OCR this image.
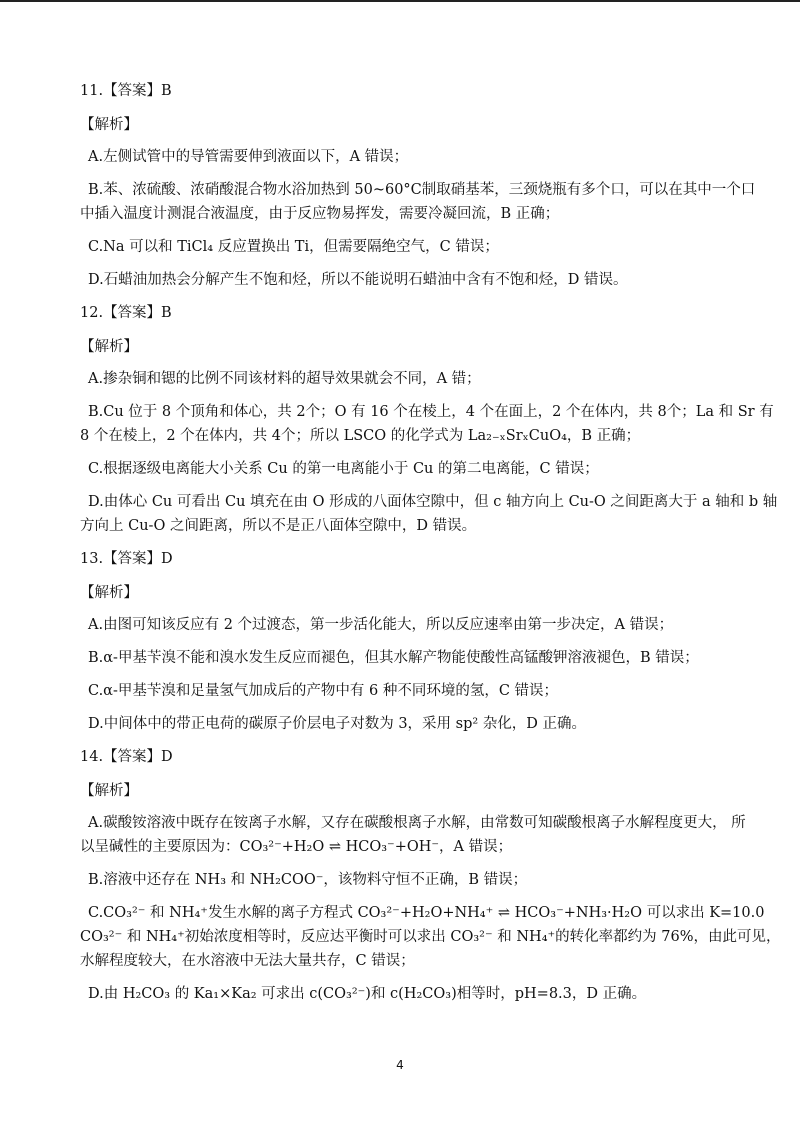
11.【答案】B

【解析】

A.左侧试管中的导管需要伸到液面以下，A 错误；

B.苯、浓硫酸、浓硝酸混合物水浴加热到 50~60°C制取硝基苯，三颈烧瓶有多个口，可以在其中一个口

中插入温度计测混合液温度，由于反应物易挥发，需要冷凝回流，B 正确；

C.Na 可以和 TiCl₄ 反应置换出 Ti，但需要隔绝空气，C 错误；

D.石蜡油加热会分解产生不饱和烃，所以不能说明石蜡油中含有不饱和烃，D 错误。

12.【答案】B

【解析】

A.掺杂铜和锶的比例不同该材料的超导效果就会不同，A 错；

B.Cu 位于 8 个顶角和体心，共 2个；O 有 16 个在棱上，4 个在面上，2 个在体内，共 8个；La 和 Sr 有

8 个在棱上，2 个在体内，共 4个；所以 LSCO 的化学式为 La₂₋ₓSrₓCuO₄，B 正确；

C.根据逐级电离能大小关系 Cu 的第一电离能小于 Cu 的第二电离能，C 错误；

D.由体心 Cu 可看出 Cu 填充在由 O 形成的八面体空隙中，但 c 轴方向上 Cu-O 之间距离大于 a 轴和 b 轴

方向上 Cu-O 之间距离，所以不是正八面体空隙中，D 错误。

13.【答案】D

【解析】

A.由图可知该反应有 2 个过渡态，第一步活化能大，所以反应速率由第一步决定，A 错误；

B.α-甲基苄溴不能和溴水发生反应而褪色，但其水解产物能使酸性高锰酸钾溶液褪色，B 错误；

C.α-甲基苄溴和足量氢气加成后的产物中有 6 种不同环境的氢，C 错误；

D.中间体中的带正电荷的碳原子价层电子对数为 3，采用 sp² 杂化，D 正确。

14.【答案】D

【解析】

A.碳酸铵溶液中既存在铵离子水解，又存在碳酸根离子水解，由常数可知碳酸根离子水解程度更大， 所

以呈碱性的主要原因为：CO₃²⁻+H₂O ⇌ HCO₃⁻+OH⁻，A 错误；

B.溶液中还存在 NH₃ 和 NH₂COO⁻，该物料守恒不正确，B 错误；

C.CO₃²⁻ 和 NH₄⁺发生水解的离子方程式 CO₃²⁻+H₂O+NH₄⁺ ⇌ HCO₃⁻+NH₃·H₂O 可以求出 K=10.0

CO₃²⁻ 和 NH₄⁺初始浓度相等时，反应达平衡时可以求出 CO₃²⁻ 和 NH₄⁺的转化率都约为 76%，由此可见，

水解程度较大，在水溶液中无法大量共存，C 错误；

D.由 H₂CO₃ 的 Ka₁×Ka₂ 可求出 c(CO₃²⁻)和 c(H₂CO₃)相等时，pH=8.3，D 正确。

4
